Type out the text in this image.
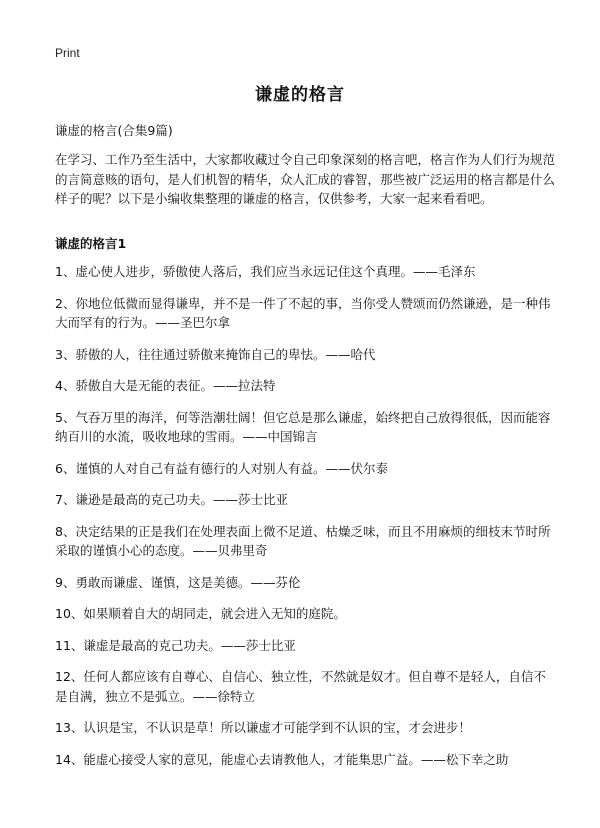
Print
谦虚的格言
谦虚的格言(合集9篇)
在学习、工作乃至生活中，大家都收藏过令自己印象深刻的格言吧，格言作为人们行为规范的言简意赅的语句，是人们机智的精华，众人汇成的睿智，那些被广泛运用的格言都是什么样子的呢？以下是小编收集整理的谦虚的格言，仅供参考，大家一起来看看吧。
谦虚的格言1
1、虚心使人进步，骄傲使人落后，我们应当永远记住这个真理。——毛泽东
2、你地位低微而显得谦卑，并不是一件了不起的事，当你受人赞颂而仍然谦逊，是一种伟大而罕有的行为。——圣巴尔拿
3、骄傲的人，往往通过骄傲来掩饰自己的卑怯。——哈代
4、骄傲自大是无能的表征。——拉法特
5、气吞万里的海洋，何等浩潮壮阔！但它总是那么谦虚，始终把自己放得很低，因而能容纳百川的水流，吸收地球的雪雨。——中国锦言
6、谨慎的人对自己有益有德行的人对别人有益。——伏尔泰
7、谦逊是最高的克己功夫。——莎士比亚
8、决定结果的正是我们在处理表面上微不足道、枯燥乏味，而且不用麻烦的细枝末节时所采取的谨慎小心的态度。——贝弗里奇
9、勇敢而谦虚、谨慎，这是美德。——芬伦
10、如果顺着自大的胡同走，就会进入无知的庭院。
11、谦虚是最高的克己功夫。——莎士比亚
12、任何人都应该有自尊心、自信心、独立性，不然就是奴才。但自尊不是轻人，自信不是自满，独立不是弧立。——徐特立
13、认识是宝，不认识是草！所以谦虚才可能学到不认识的宝，才会进步！
14、能虚心接受人家的意见，能虚心去请教他人，才能集思广益。——松下幸之助
